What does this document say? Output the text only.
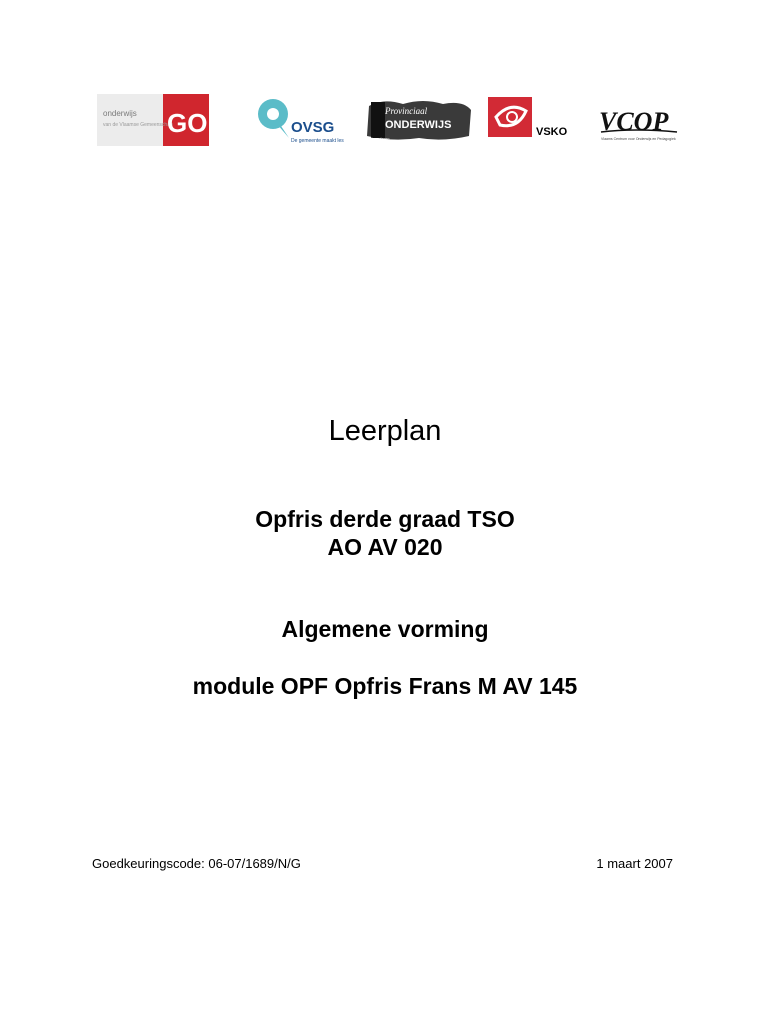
onderwijs
van de Vlaamse Gemeenschap
GO!	OVSG
De gemeente maakt les
Provinciaal
ONDERWIJS
Vlaanderen
VSKO VCOP
Vlaams Centrum voor Onderwijs en Pedagogiek
Leerplan
Opfris derde graad TSO
AO AV 020
Algemene vorming
module OPF Opfris Frans M AV 145
Goedkeuringscode: 06-07/1689/N/G	1 maart 2007
